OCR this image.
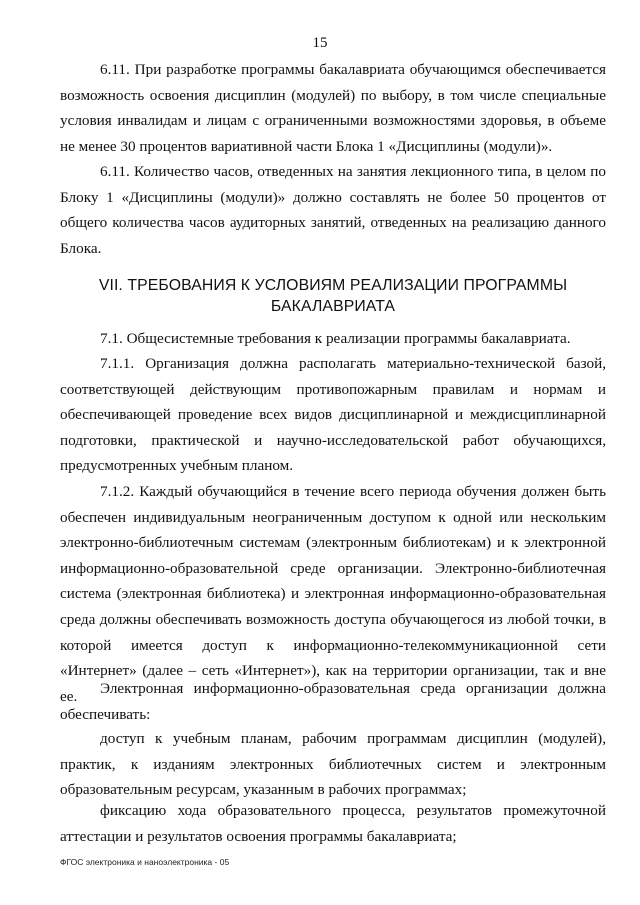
15

6.11. При разработке программы бакалавриата обучающимся обеспечивается возможность освоения дисциплин (модулей) по выбору, в том числе специальные условия инвалидам и лицам с ограниченными возможностями здоровья, в объеме не менее 30 процентов вариативной части Блока 1 «Дисциплины (модули)».

6.11. Количество часов, отведенных на занятия лекционного типа, в целом по Блоку 1 «Дисциплины (модули)» должно составлять не более 50 процентов от общего количества часов аудиторных занятий, отведенных на реализацию данного Блока.

VII. ТРЕБОВАНИЯ К УСЛОВИЯМ РЕАЛИЗАЦИИ ПРОГРАММЫ
БАКАЛАВРИАТА

7.1. Общесистемные требования к реализации программы бакалавриата.

7.1.1. Организация должна располагать материально-технической базой, соответствующей действующим противопожарным правилам и нормам и обеспечивающей проведение всех видов дисциплинарной и междисциплинарной подготовки, практической и научно-исследовательской работ обучающихся, предусмотренных учебным планом.

7.1.2. Каждый обучающийся в течение всего периода обучения должен быть обеспечен индивидуальным неограниченным доступом к одной или нескольким электронно-библиотечным системам (электронным библиотекам) и к электронной информационно-образовательной среде организации. Электронно-библиотечная система (электронная библиотека) и электронная информационно-образовательная среда должны обеспечивать возможность доступа обучающегося из любой точки, в которой имеется доступ к информационно-телекоммуникационной сети «Интернет» (далее – сеть «Интернет»), как на территории организации, так и вне ее.	Электронная информационно-образовательная среда организации должна обеспечивать:

доступ к учебным планам, рабочим программам дисциплин (модулей), практик, к изданиям электронных библиотечных систем и электронным образовательным ресурсам, указанным в рабочих программах;

фиксацию хода образовательного процесса, результатов промежуточной аттестации и результатов освоения программы бакалавриата;

ФГОС электроника и наноэлектроника - 05
